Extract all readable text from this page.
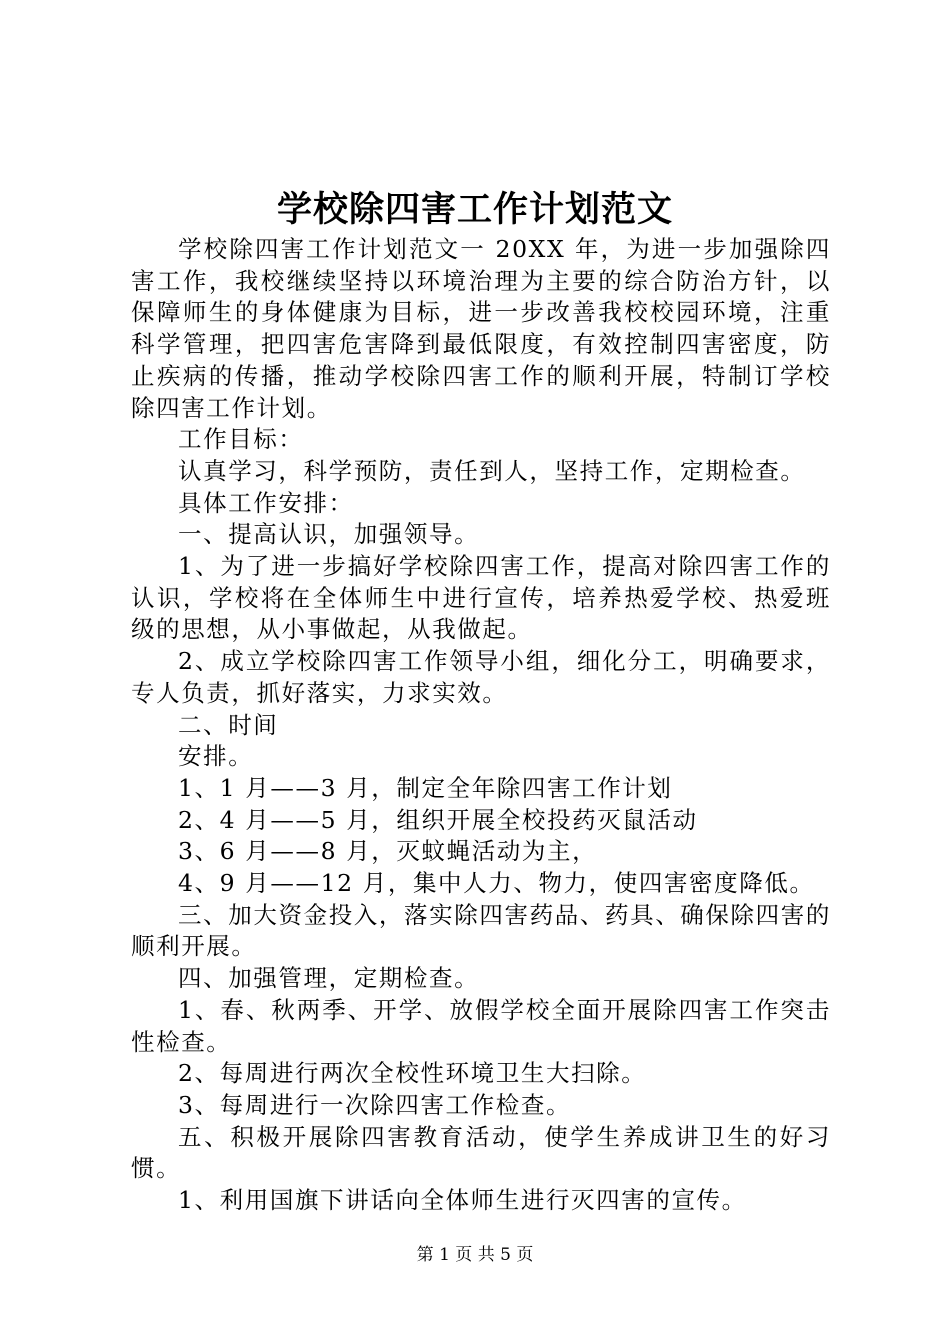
学校除四害工作计划范文

学校除四害工作计划范文一 20XX 年，为进一步加强除四害工作，我校继续坚持以环境治理为主要的综合防治方针，以保障师生的身体健康为目标，进一步改善我校校园环境，注重科学管理，把四害危害降到最低限度，有效控制四害密度，防止疾病的传播，推动学校除四害工作的顺利开展，特制订学校除四害工作计划。

工作目标：

认真学习，科学预防，责任到人，坚持工作，定期检查。

具体工作安排：

一、提高认识，加强领导。

1、为了进一步搞好学校除四害工作，提高对除四害工作的认识，学校将在全体师生中进行宣传，培养热爱学校、热爱班级的思想，从小事做起，从我做起。

2、成立学校除四害工作领导小组，细化分工，明确要求，专人负责，抓好落实，力求实效。

二、时间

安排。

1、1 月——3 月，制定全年除四害工作计划

2、4 月——5 月，组织开展全校投药灭鼠活动

3、6 月——8 月，灭蚊蝇活动为主，

4、9 月——12 月，集中人力、物力，使四害密度降低。

三、加大资金投入，落实除四害药品、药具、确保除四害的顺利开展。

四、加强管理，定期检查。

1、春、秋两季、开学、放假学校全面开展除四害工作突击性检查。

2、每周进行两次全校性环境卫生大扫除。

3、每周进行一次除四害工作检查。

五、积极开展除四害教育活动，使学生养成讲卫生的好习惯。

1、利用国旗下讲话向全体师生进行灭四害的宣传。

第 1 页 共 5 页
